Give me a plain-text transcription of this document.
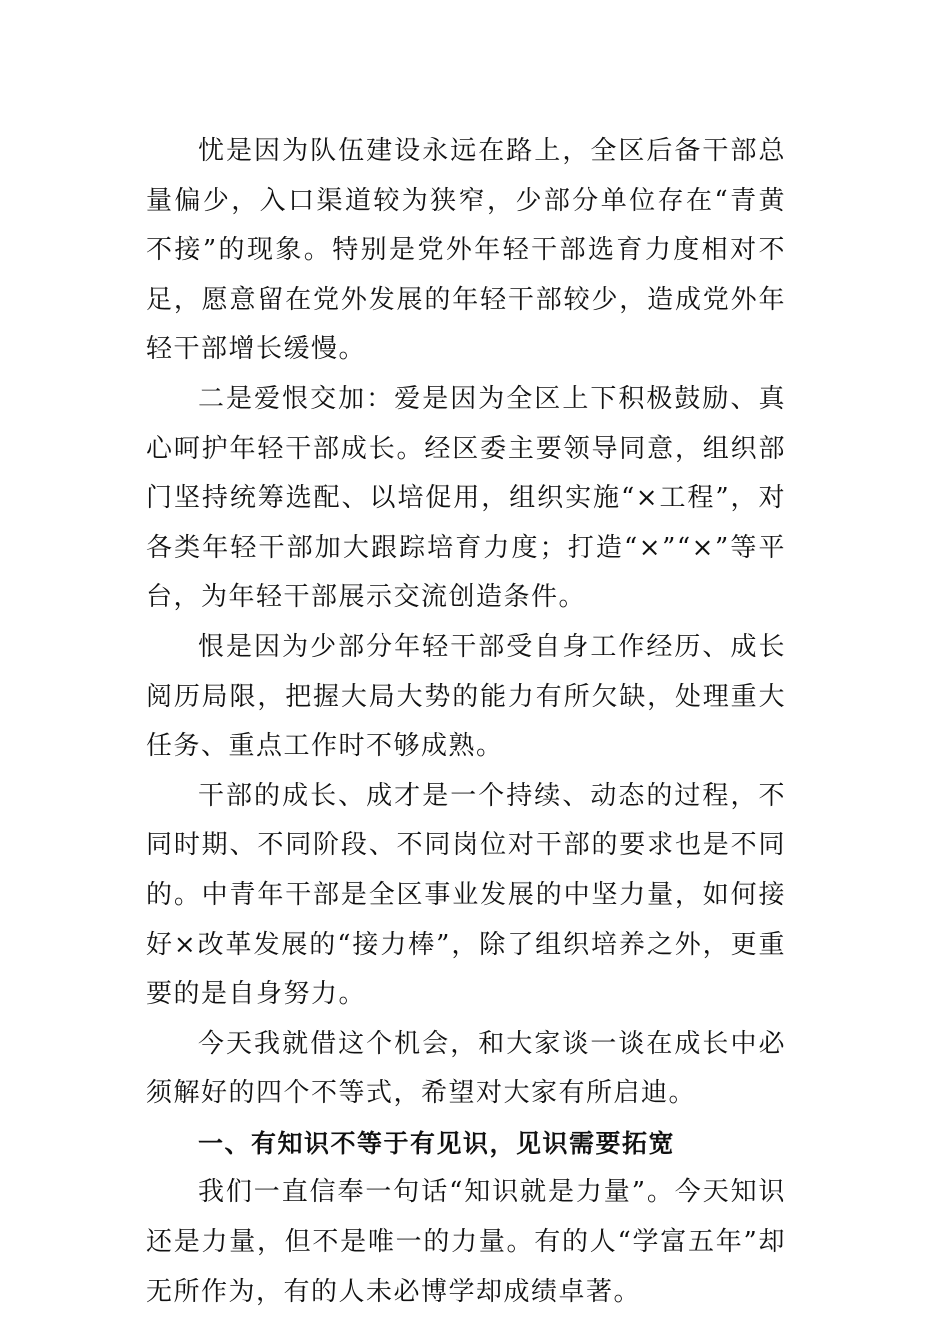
忧是因为队伍建设永远在路上，全区后备干部总量偏少，入口渠道较为狭窄，少部分单位存在“青黄不接”的现象。特别是党外年轻干部选育力度相对不足，愿意留在党外发展的年轻干部较少，造成党外年轻干部增长缓慢。

二是爱恨交加：爱是因为全区上下积极鼓励、真心呵护年轻干部成长。经区委主要领导同意，组织部门坚持统筹选配、以培促用，组织实施“×工程”，对各类年轻干部加大跟踪培育力度；打造“×”“×”等平台，为年轻干部展示交流创造条件。

恨是因为少部分年轻干部受自身工作经历、成长阅历局限，把握大局大势的能力有所欠缺，处理重大任务、重点工作时不够成熟。

干部的成长、成才是一个持续、动态的过程，不同时期、不同阶段、不同岗位对干部的要求也是不同的。中青年干部是全区事业发展的中坚力量，如何接好×改革发展的“接力棒”，除了组织培养之外，更重要的是自身努力。

今天我就借这个机会，和大家谈一谈在成长中必须解好的四个不等式，希望对大家有所启迪。

一、有知识不等于有见识，见识需要拓宽

我们一直信奉一句话“知识就是力量”。今天知识还是力量，但不是唯一的力量。有的人“学富五年”却无所作为，有的人未必博学却成绩卓著。
